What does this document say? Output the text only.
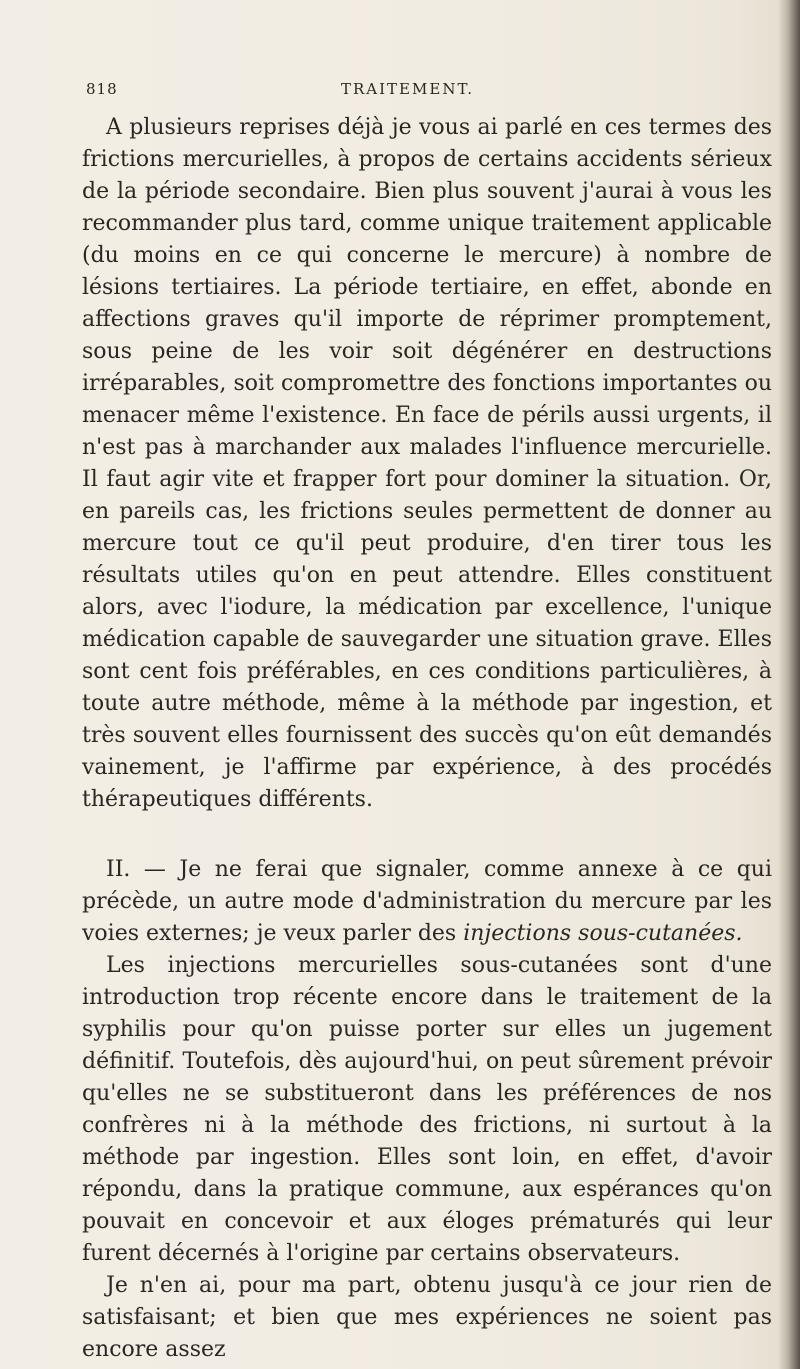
818	TRAITEMENT.

A plusieurs reprises déjà je vous ai parlé en ces termes des frictions mercurielles, à propos de certains accidents sérieux de la période secondaire. Bien plus souvent j'aurai à vous les recommander plus tard, comme unique traitement applicable (du moins en ce qui concerne le mercure) à nombre de lésions tertiaires. La période tertiaire, en effet, abonde en affections graves qu'il importe de réprimer promptement, sous peine de les voir soit dégénérer en destructions irréparables, soit compromettre des fonctions importantes ou menacer même l'existence. En face de périls aussi urgents, il n'est pas à marchander aux malades l'influence mercurielle. Il faut agir vite et frapper fort pour dominer la situation. Or, en pareils cas, les frictions seules permettent de donner au mercure tout ce qu'il peut produire, d'en tirer tous les résultats utiles qu'on en peut attendre. Elles constituent alors, avec l'iodure, la médication par excellence, l'unique médication capable de sauvegarder une situation grave. Elles sont cent fois préférables, en ces conditions particulières, à toute autre méthode, même à la méthode par ingestion, et très souvent elles fournissent des succès qu'on eût demandés vainement, je l'affirme par expérience, à des procédés thérapeutiques différents.

II. — Je ne ferai que signaler, comme annexe à ce qui précède, un autre mode d'administration du mercure par les voies externes; je veux parler des injections sous-cutanées.

Les injections mercurielles sous-cutanées sont d'une introduction trop récente encore dans le traitement de la syphilis pour qu'on puisse porter sur elles un jugement définitif. Toutefois, dès aujourd'hui, on peut sûrement prévoir qu'elles ne se substitueront dans les préférences de nos confrères ni à la méthode des frictions, ni surtout à la méthode par ingestion. Elles sont loin, en effet, d'avoir répondu, dans la pratique commune, aux espérances qu'on pouvait en concevoir et aux éloges prématurés qui leur furent décernés à l'origine par certains observateurs.

Je n'en ai, pour ma part, obtenu jusqu'à ce jour rien de satisfaisant; et bien que mes expériences ne soient pas encore assez
